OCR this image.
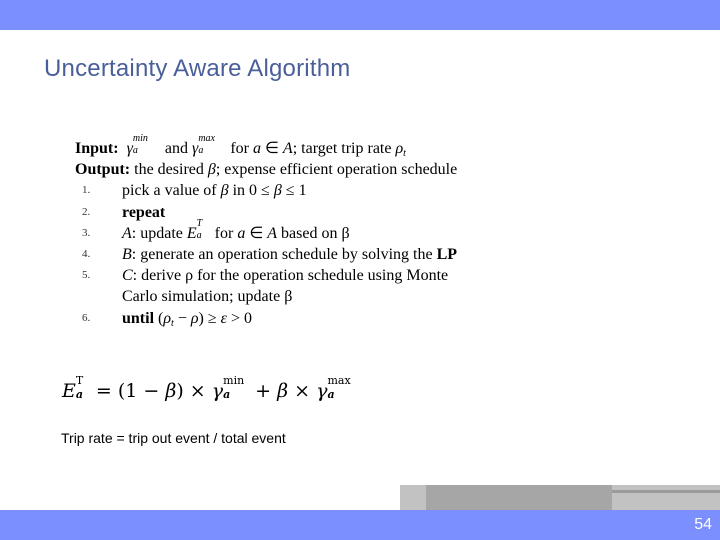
Uncertainty Aware Algorithm
Input: γ
min
a and γ
max
a for a ∈ A; target trip rate $\rho_t$
Output: the desired β; expense efficient operation schedule
1. pick a value of β in 0 ≤ β ≤ 1
2. repeat
3. A: update E
T
a for a ∈ A based on β
4. B: generate an operation schedule by solving the LP
5. C: derive ρ for the operation schedule using Monte
Carlo simulation; update β
6. until $(\rho_t - \rho) \ge \varepsilon > 0$
E T
a = (1 − β) × γ min
a + β × γ max
a
Trip rate = trip out event / total event
54
